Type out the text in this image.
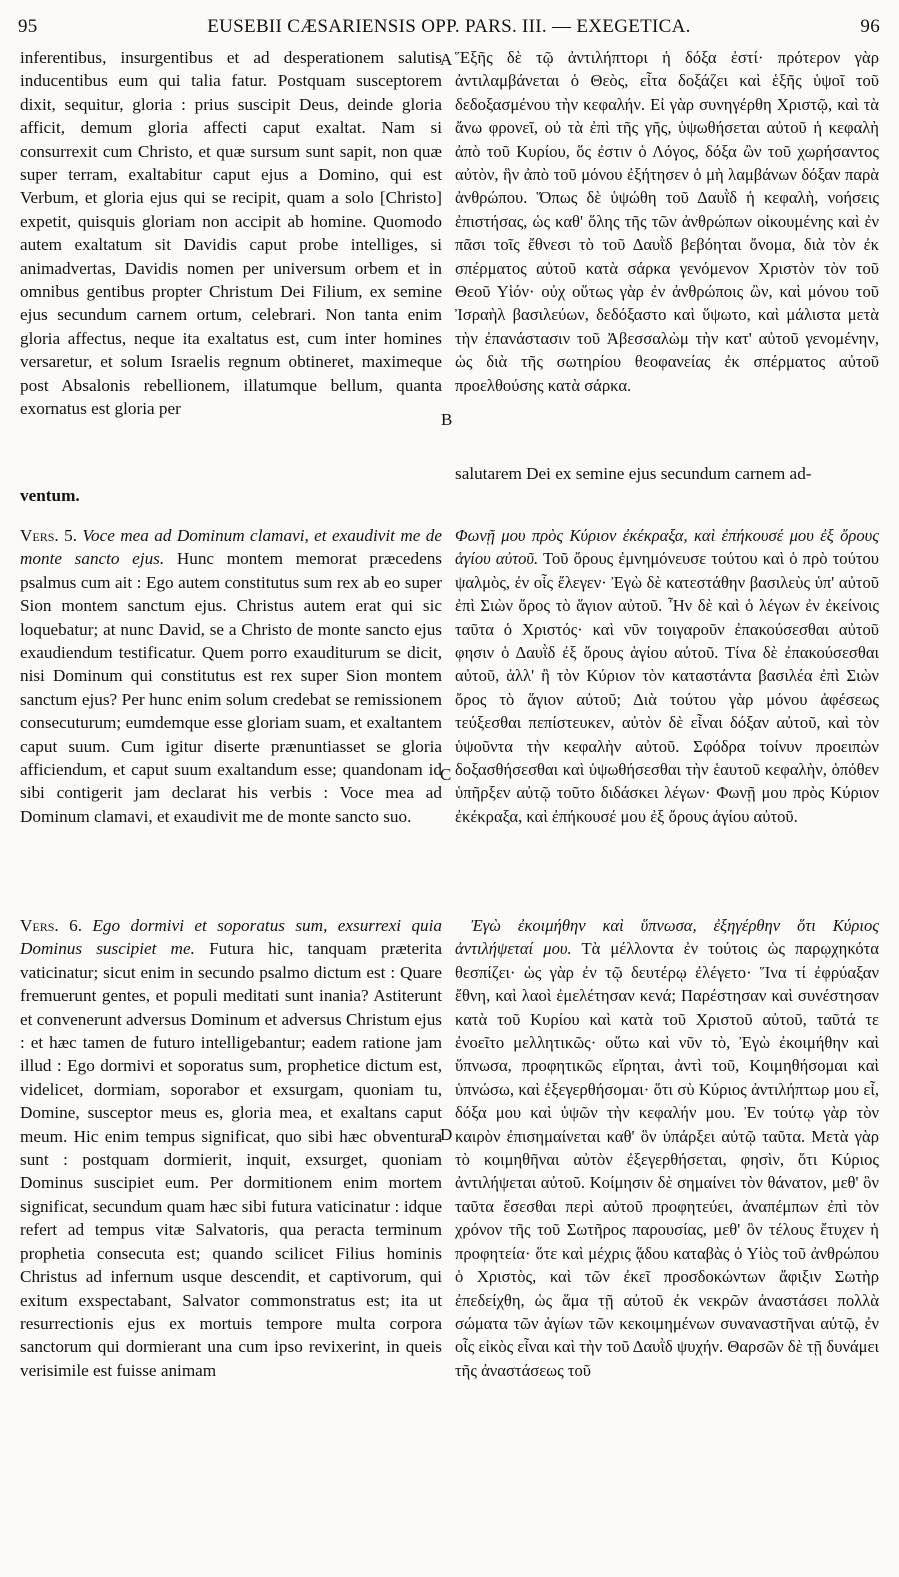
95	EUSEBII CÆSARIENSIS OPP. PARS. III. — EXEGETICA.	96
A
B
C
D

inferentibus, insurgentibus et ad desperationem salutis inducentibus eum qui talia fatur. Postquam susceptorem dixit, sequitur, gloria : prius suscipit Deus, deinde gloria afficit, demum gloria affecti caput exaltat. Nam si consurrexit cum Christo, et quæ sursum sunt sapit, non quæ super terram, exaltabitur caput ejus a Domino, qui est Verbum, et gloria ejus qui se recipit, quam a solo [Christo] expetit, quisquis gloriam non accipit ab homine. Quomodo autem exaltatum sit Davidis caput probe intelliges, si animadvertas, Davidis nomen per universum orbem et in omnibus gentibus propter Christum Dei Filium, ex semine ejus secundum carnem ortum, celebrari. Non tanta enim gloria affectus, neque ita exaltatus est, cum inter homines versaretur, et solum Israelis regnum obtineret, maximeque post Absalonis rebellionem, illatumque bellum, quanta exornatus est gloria per

ventum.

Vers. 5. Voce mea ad Dominum clamavi, et exaudivit me de monte sancto ejus. Hunc montem memorat præcedens psalmus cum ait : Ego autem constitutus sum rex ab eo super Sion montem sanctum ejus. Christus autem erat qui sic loquebatur; at nunc David, se a Christo de monte sancto ejus exaudiendum testificatur. Quem porro exauditurum se dicit, nisi Dominum qui constitutus est rex super Sion montem sanctum ejus? Per hunc enim solum credebat se remissionem consecuturum; eumdemque esse gloriam suam, et exaltantem caput suum. Cum igitur diserte prænuntiasset se gloria afficiendum, et caput suum exaltandum esse; quandonam id sibi contigerit jam declarat his verbis : Voce mea ad Dominum clamavi, et exaudivit me de monte sancto suo.

Vers. 6. Ego dormivi et soporatus sum, exsurrexi quia Dominus suscipiet me. Futura hic, tanquam præterita vaticinatur; sicut enim in secundo psalmo dictum est : Quare fremuerunt gentes, et populi meditati sunt inania? Astiterunt et convenerunt adversus Dominum et adversus Christum ejus : et hæc tamen de futuro intelligebantur; eadem ratione jam illud : Ego dormivi et soporatus sum, prophetice dictum est, videlicet, dormiam, soporabor et exsurgam, quoniam tu, Domine, susceptor meus es, gloria mea, et exaltans caput meum. Hic enim tempus significat, quo sibi hæc obventura sunt : postquam dormierit, inquit, exsurget, quoniam Dominus suscipiet eum. Per dormitionem enim mortem significat, secundum quam hæc sibi futura vaticinatur : idque refert ad tempus vitæ Salvatoris, qua peracta terminum prophetia consecuta est; quando scilicet Filius hominis Christus ad infernum usque descendit, et captivorum, qui exitum exspectabant, Salvator commonstratus est; ita ut resurrectionis ejus ex mortuis tempore multa corpora sanctorum qui dormierant una cum ipso revixerint, in queis verisimile est fuisse animam

Ἕξῆς δὲ τῷ ἀντιλήπτορι ἡ δόξα ἐστί· πρότερον γὰρ ἀντιλαμβάνεται ὁ Θεὸς, εἶτα δοξάζει καὶ ἑξῆς ὑψοῖ τοῦ δεδοξασμένου τὴν κεφαλήν. Εἰ γὰρ συνηγέρθη Χριστῷ, καὶ τὰ ἄνω φρονεῖ, οὐ τὰ ἐπὶ τῆς γῆς, ὑψωθήσεται αὐτοῦ ἡ κεφαλὴ ἀπὸ τοῦ Κυρίου, ὅς ἐστιν ὁ Λόγος, δόξα ὢν τοῦ χωρήσαντος αὐτὸν, ἣν ἀπὸ τοῦ μόνου ἐξήτησεν ὁ μὴ λαμβάνων δόξαν παρὰ ἀνθρώπου. Ὅπως δὲ ὑψώθη τοῦ Δαυῒδ ἡ κεφαλὴ, νοήσεις ἐπιστήσας, ὡς καθ' ὅλης τῆς τῶν ἀνθρώπων οἰκουμένης καὶ ἐν πᾶσι τοῖς ἔθνεσι τὸ τοῦ Δαυῒδ βεβόηται ὄνομα, διὰ τὸν ἐκ σπέρματος αὐτοῦ κατὰ σάρκα γενόμενον Χριστὸν τὸν τοῦ Θεοῦ Υἱόν· οὐχ οὕτως γὰρ ἐν ἀνθρώποις ὢν, καὶ μόνου τοῦ Ἰσραὴλ βασιλεύων, δεδόξαστο καὶ ὕψωτο, καὶ μάλιστα μετὰ τὴν ἐπανάστασιν τοῦ Ἀβεσσαλὼμ τὴν κατ' αὐτοῦ γενομένην, ὡς διὰ τῆς σωτηρίου θεοφανείας ἐκ σπέρματος αὐτοῦ προελθούσης κατὰ σάρκα.

Φωνῇ μου πρὸς Κύριον ἐκέκραξα, καὶ ἐπήκουσέ μου ἐξ ὄρους ἁγίου αὐτοῦ. Τοῦ ὄρους ἐμνημόνευσε τούτου καὶ ὁ πρὸ τούτου ψαλμὸς, ἐν οἷς ἔλεγεν· Ἐγὼ δὲ κατεστάθην βασιλεὺς ὑπ' αὐτοῦ ἐπὶ Σιὼν ὄρος τὸ ἅγιον αὐτοῦ. Ἦν δὲ καὶ ὁ λέγων ἐν ἐκείνοις ταῦτα ὁ Χριστός· καὶ νῦν τοιγαροῦν ἐπακούσεσθαι αὐτοῦ φησιν ὁ Δαυῒδ ἐξ ὄρους ἁγίου αὐτοῦ. Τίνα δὲ ἐπακούσεσθαι αὐτοῦ, ἀλλ' ἢ τὸν Κύριον τὸν καταστάντα βασιλέα ἐπὶ Σιὼν ὄρος τὸ ἅγιον αὐτοῦ; Διὰ τούτου γὰρ μόνου ἀφέσεως τεύξεσθαι πεπίστευκεν, αὐτὸν δὲ εἶναι δόξαν αὐτοῦ, καὶ τὸν ὑψοῦντα τὴν κεφαλὴν αὐτοῦ. Σφόδρα τοίνυν προειπὼν δοξασθήσεσθαι καὶ ὑψωθήσεσθαι τὴν ἑαυτοῦ κεφαλὴν, ὁπόθεν ὑπῆρξεν αὐτῷ τοῦτο διδάσκει λέγων· Φωνῇ μου πρὸς Κύριον ἐκέκραξα, καὶ ἐπήκουσέ μου ἐξ ὄρους ἁγίου αὐτοῦ.

Ἐγὼ ἐκοιμήθην καὶ ὕπνωσα, ἐξηγέρθην ὅτι Κύριος ἀντιλήψεταί μου. Τὰ μέλλοντα ἐν τούτοις ὡς παρῳχηκότα θεσπίζει· ὡς γὰρ ἐν τῷ δευτέρῳ ἐλέγετο· Ἵνα τί ἐφρύαξαν ἔθνη, καὶ λαοὶ ἐμελέτησαν κενά; Παρέστησαν καὶ συνέστησαν κατὰ τοῦ Κυρίου καὶ κατὰ τοῦ Χριστοῦ αὐτοῦ, ταῦτά τε ἐνοεῖτο μελλητικῶς· οὕτω καὶ νῦν τὸ, Ἐγὼ ἐκοιμήθην καὶ ὕπνωσα, προφητικῶς εἴρηται, ἀντὶ τοῦ, Κοιμηθήσομαι καὶ ὑπνώσω, καὶ ἐξεγερθήσομαι· ὅτι σὺ Κύριος ἀντιλήπτωρ μου εἶ, δόξα μου καὶ ὑψῶν τὴν κεφαλήν μου. Ἐν τούτῳ γὰρ τὸν καιρὸν ἐπισημαίνεται καθ' ὃν ὑπάρξει αὐτῷ ταῦτα. Μετὰ γὰρ τὸ κοιμηθῆναι αὐτὸν ἐξεγερθήσεται, φησὶν, ὅτι Κύριος ἀντιλήψεται αὐτοῦ. Κοίμησιν δὲ σημαίνει τὸν θάνατον, μεθ' ὃν ταῦτα ἔσεσθαι περὶ αὐτοῦ προφητεύει, ἀναπέμπων ἐπὶ τὸν χρόνον τῆς τοῦ Σωτῆρος παρουσίας, μεθ' ὃν τέλους ἔτυχεν ἡ προφητεία· ὅτε καὶ μέχρις ᾅδου καταβὰς ὁ Υἱὸς τοῦ ἀνθρώπου ὁ Χριστὸς, καὶ τῶν ἐκεῖ προσδοκώντων ἄφιξιν Σωτὴρ ἐπεδείχθη, ὡς ἅμα τῇ αὐτοῦ ἐκ νεκρῶν ἀναστάσει πολλὰ σώματα τῶν ἁγίων τῶν κεκοιμημένων συναναστῆναι αὐτῷ, ἐν οἷς εἰκὸς εἶναι καὶ τὴν τοῦ Δαυῒδ ψυχήν. Θαρσῶν δὲ τῇ δυνάμει τῆς ἀναστάσεως τοῦ

salutarem Dei ex semine ejus secundum carnem ad-
